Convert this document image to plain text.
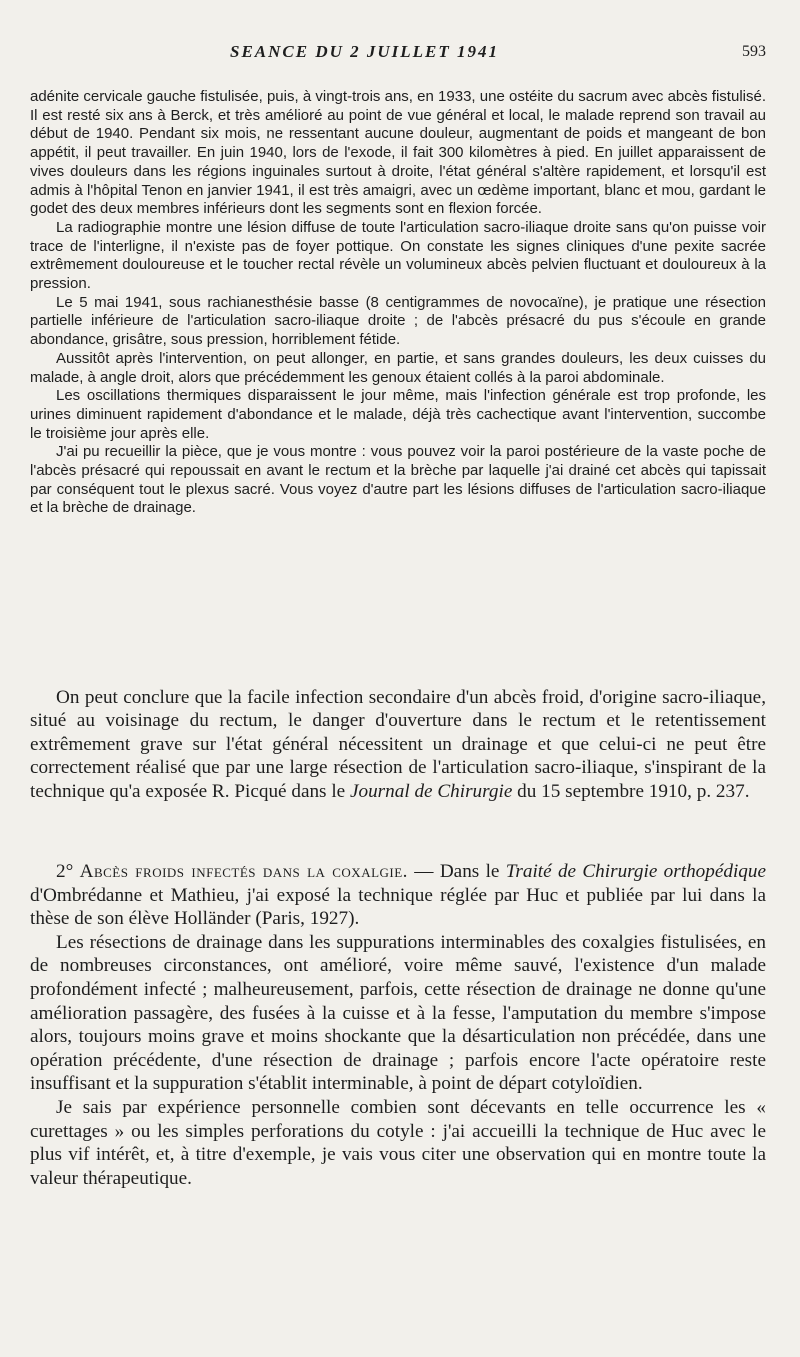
SEANCE DU 2 JUILLET 1941	593

adénite cervicale gauche fistulisée, puis, à vingt-trois ans, en 1933, une ostéite du sacrum avec abcès fistulisé. Il est resté six ans à Berck, et très amélioré au point de vue général et local, le malade reprend son travail au début de 1940. Pendant six mois, ne ressentant aucune douleur, augmentant de poids et mangeant de bon appétit, il peut travailler. En juin 1940, lors de l'exode, il fait 300 kilomètres à pied. En juillet apparaissent de vives douleurs dans les régions inguinales surtout à droite, l'état général s'altère rapidement, et lorsqu'il est admis à l'hôpital Tenon en janvier 1941, il est très amaigri, avec un œdème important, blanc et mou, gardant le godet des deux membres inférieurs dont les segments sont en flexion forcée.

La radiographie montre une lésion diffuse de toute l'articulation sacro-iliaque droite sans qu'on puisse voir trace de l'interligne, il n'existe pas de foyer pottique. On constate les signes cliniques d'une pexite sacrée extrêmement douloureuse et le toucher rectal révèle un volumineux abcès pelvien fluctuant et douloureux à la pression.

Le 5 mai 1941, sous rachianesthésie basse (8 centigrammes de novocaïne), je pratique une résection partielle inférieure de l'articulation sacro-iliaque droite ; de l'abcès présacré du pus s'écoule en grande abondance, grisâtre, sous pression, horriblement fétide.

Aussitôt après l'intervention, on peut allonger, en partie, et sans grandes douleurs, les deux cuisses du malade, à angle droit, alors que précédemment les genoux étaient collés à la paroi abdominale.

Les oscillations thermiques disparaissent le jour même, mais l'infection générale est trop profonde, les urines diminuent rapidement d'abondance et le malade, déjà très cachectique avant l'intervention, succombe le troisième jour après elle.

J'ai pu recueillir la pièce, que je vous montre : vous pouvez voir la paroi postérieure de la vaste poche de l'abcès présacré qui repoussait en avant le rectum et la brèche par laquelle j'ai drainé cet abcès qui tapissait par conséquent tout le plexus sacré. Vous voyez d'autre part les lésions diffuses de l'articulation sacro-iliaque et la brèche de drainage.

On peut conclure que la facile infection secondaire d'un abcès froid, d'origine sacro-iliaque, situé au voisinage du rectum, le danger d'ouverture dans le rectum et le retentissement extrêmement grave sur l'état général nécessitent un drainage et que celui-ci ne peut être correctement réalisé que par une large résection de l'articulation sacro-iliaque, s'inspirant de la technique qu'a exposée R. Picqué dans le Journal de Chirurgie du 15 septembre 1910, p. 237.

2° Abcès froids infectés dans la coxalgie. — Dans le Traité de Chirurgie orthopédique d'Ombrédanne et Mathieu, j'ai exposé la technique réglée par Huc et publiée par lui dans la thèse de son élève Holländer (Paris, 1927).

Les résections de drainage dans les suppurations interminables des coxalgies fistulisées, en de nombreuses circonstances, ont amélioré, voire même sauvé, l'existence d'un malade profondément infecté ; malheureusement, parfois, cette résection de drainage ne donne qu'une amélioration passagère, des fusées à la cuisse et à la fesse, l'amputation du membre s'impose alors, toujours moins grave et moins shockante que la désarticulation non précédée, dans une opération précédente, d'une résection de drainage ; parfois encore l'acte opératoire reste insuffisant et la suppuration s'établit interminable, à point de départ cotyloïdien.

Je sais par expérience personnelle combien sont décevants en telle occurrence les « curettages » ou les simples perforations du cotyle : j'ai accueilli la technique de Huc avec le plus vif intérêt, et, à titre d'exemple, je vais vous citer une observation qui en montre toute la valeur thérapeutique.
